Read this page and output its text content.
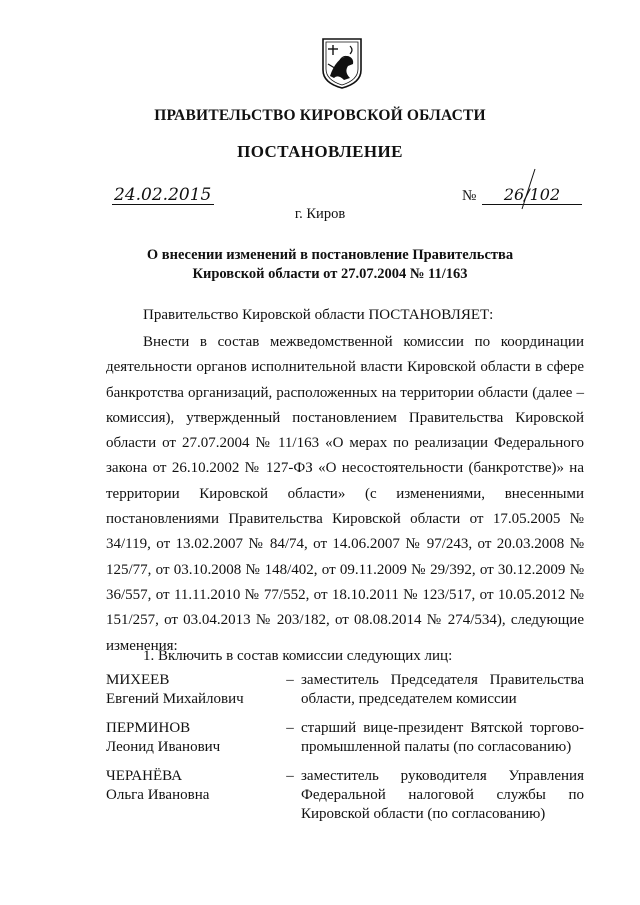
ПРАВИТЕЛЬСТВО КИРОВСКОЙ ОБЛАСТИ
ПОСТАНОВЛЕНИЕ
24.02.2015	№	26/102
г. Киров
О внесении изменений в постановление Правительства Кировской области от 27.07.2004 № 11/163
Правительство Кировской области ПОСТАНОВЛЯЕТ:
Внести в состав межведомственной комиссии по координации деятельности органов исполнительной власти Кировской области в сфере банкротства организаций, расположенных на территории области (далее – комиссия), утвержденный постановлением Правительства Кировской области от 27.07.2004 № 11/163 «О мерах по реализации Федерального закона от 26.10.2002 № 127-ФЗ «О несостоятельности (банкротстве)» на территории Кировской области» (с изменениями, внесенными постановлениями Правительства Кировской области от 17.05.2005 № 34/119, от 13.02.2007 № 84/74, от 14.06.2007 № 97/243, от 20.03.2008 № 125/77, от 03.10.2008 № 148/402, от 09.11.2009 № 29/392, от 30.12.2009 № 36/557, от 11.11.2010 № 77/552, от 18.10.2011 № 123/517, от 10.05.2012 № 151/257, от 03.04.2013 № 203/182, от 08.08.2014 № 274/534), следующие изменения:
1. Включить в состав комиссии следующих лиц:
МИХЕЕВ
Евгений Михайлович
– заместитель Председателя Правительства области, председателем комиссии
ПЕРМИНОВ
Леонид Иванович
– старший вице-президент Вятской торгово-промышленной палаты (по согласованию)
ЧЕРАНЁВА
Ольга Ивановна
– заместитель руководителя Управления Федеральной налоговой службы по Кировской области (по согласованию)
